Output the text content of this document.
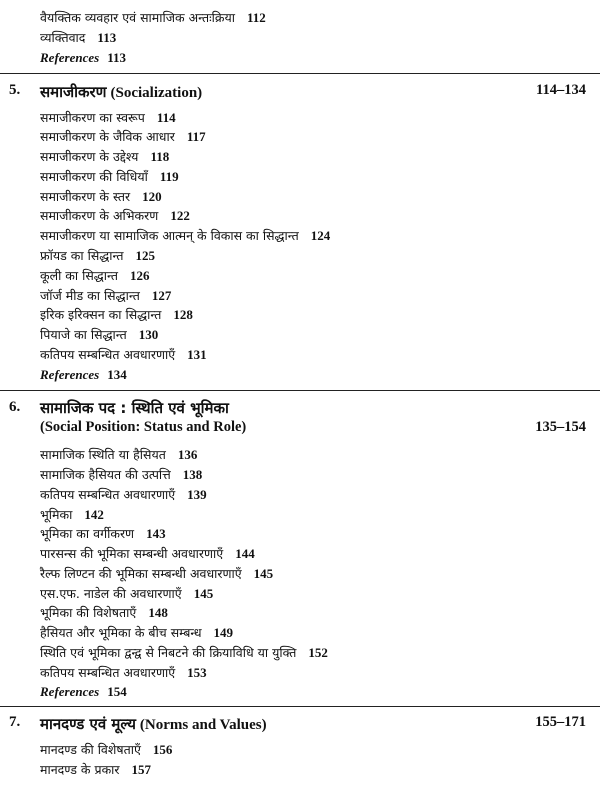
वैयक्तिक व्यवहार एवं सामाजिक अन्तःक्रिया 112
व्यक्तिवाद 113
References 113
5. समाजीकरण (Socialization)	114–134
समाजीकरण का स्वरूप 114
समाजीकरण के जैविक आधार 117
समाजीकरण के उद्देश्य 118
समाजीकरण की विधियाँ 119
समाजीकरण के स्तर 120
समाजीकरण के अभिकरण 122
समाजीकरण या सामाजिक आत्मन् के विकास का सिद्धान्त 124
फ्रॉयड का सिद्धान्त 125
कूली का सिद्धान्त 126
जॉर्ज मीड का सिद्धान्त 127
इरिक इरिक्सन का सिद्धान्त 128
पियाजे का सिद्धान्त 130
कतिपय सम्बन्धित अवधारणाएँ 131
References 134
6. सामाजिक पद : स्थिति एवं भूमिका
(Social Position: Status and Role)	135–154
सामाजिक स्थिति या हैसियत 136
सामाजिक हैसियत की उत्पत्ति 138
कतिपय सम्बन्धित अवधारणाएँ 139
भूमिका 142
भूमिका का वर्गीकरण 143
पारसन्स की भूमिका सम्बन्धी अवधारणाएँ 144
रैल्फ लिण्टन की भूमिका सम्बन्धी अवधारणाएँ 145
एस.एफ. नाडेल की अवधारणाएँ 145
भूमिका की विशेषताएँ 148
हैसियत और भूमिका के बीच सम्बन्ध 149
स्थिति एवं भूमिका द्वन्द्व से निबटने की क्रियाविधि या युक्ति 152
कतिपय सम्बन्धित अवधारणाएँ 153
References 154
7. मानदण्ड एवं मूल्य (Norms and Values)	155–171
मानदण्ड की विशेषताएँ 156
मानदण्ड के प्रकार 157
